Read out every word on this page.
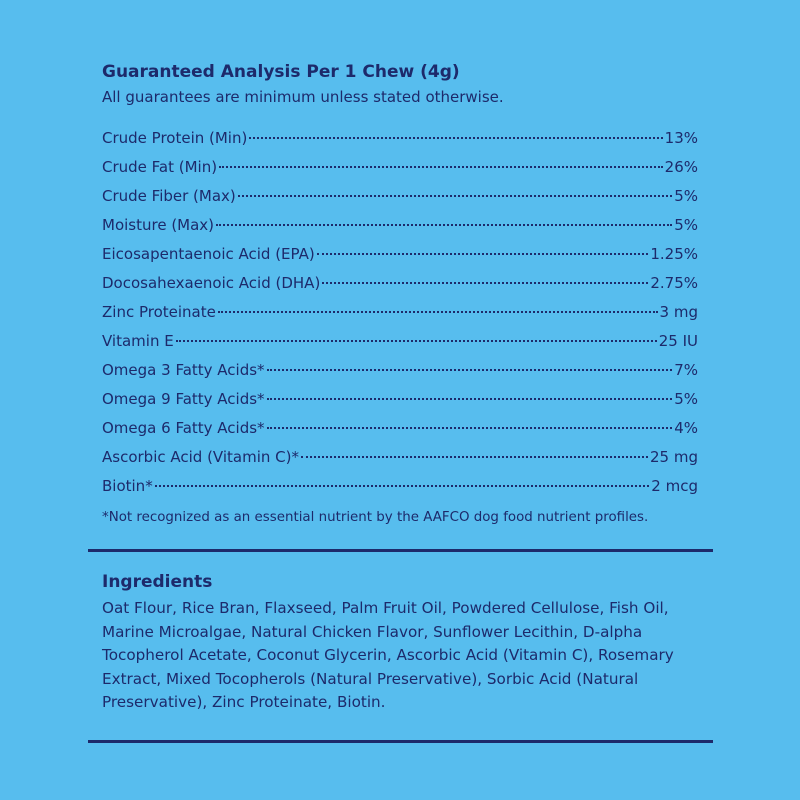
Guaranteed Analysis Per 1 Chew (4g)

All guarantees are minimum unless stated otherwise.

Crude Protein (Min)	13%
Crude Fat (Min)	26%
Crude Fiber (Max)	5%
Moisture (Max)	5%
Eicosapentaenoic Acid (EPA)	1.25%
Docosahexaenoic Acid (DHA)	2.75%
Zinc Proteinate	3 mg
Vitamin E	25 IU
Omega 3 Fatty Acids*	7%
Omega 9 Fatty Acids*	5%
Omega 6 Fatty Acids*	4%
Ascorbic Acid (Vitamin C)*	25 mg
Biotin*	2 mcg

*Not recognized as an essential nutrient by the AAFCO dog food nutrient profiles.

Ingredients

Oat Flour, Rice Bran, Flaxseed, Palm Fruit Oil, Powdered Cellulose, Fish Oil, Marine Microalgae, Natural Chicken Flavor, Sunflower Lecithin, D-alpha Tocopherol Acetate, Coconut Glycerin, Ascorbic Acid (Vitamin C), Rosemary Extract, Mixed Tocopherols (Natural Preservative), Sorbic Acid (Natural Preservative), Zinc Proteinate, Biotin.
